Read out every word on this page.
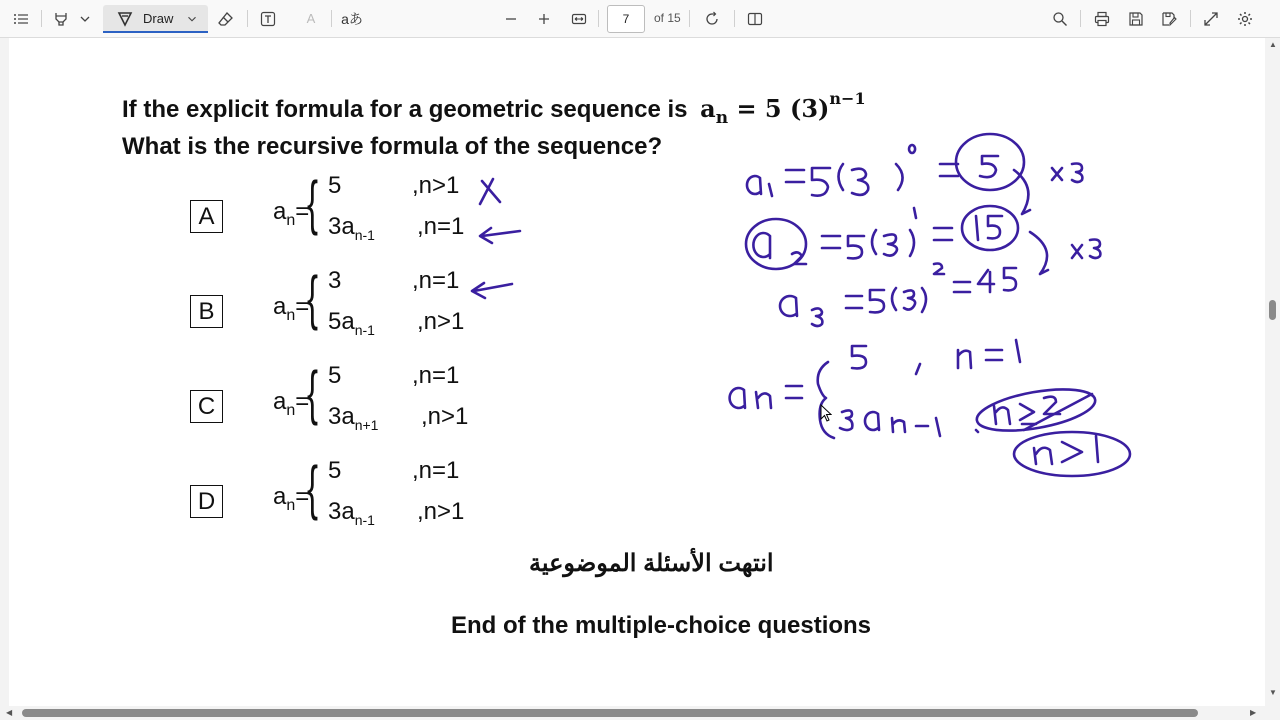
Draw	A	aあ	7	of 15
If the explicit formula for a geometric sequence is $a_n = 5$ $(3)^{n-1}$
What is the recursive formula of the sequence?
A	$a_n=$
{ 5	,n>1
$3a_{n-1}$ ,n=1
B	$a_n=$
{ 3	,n=1
$5a_{n-1}$ ,n>1
C	$a_n=$
{ 5	,n=1
$3a_{n+1}$ ,n>1
D	$a_n=$
{ 5	,n=1
$3a_{n-1}$ ,n>1
انتهت الأسئلة الموضوعية
End of the multiple-choice questions
▲
▼
◀	▶
